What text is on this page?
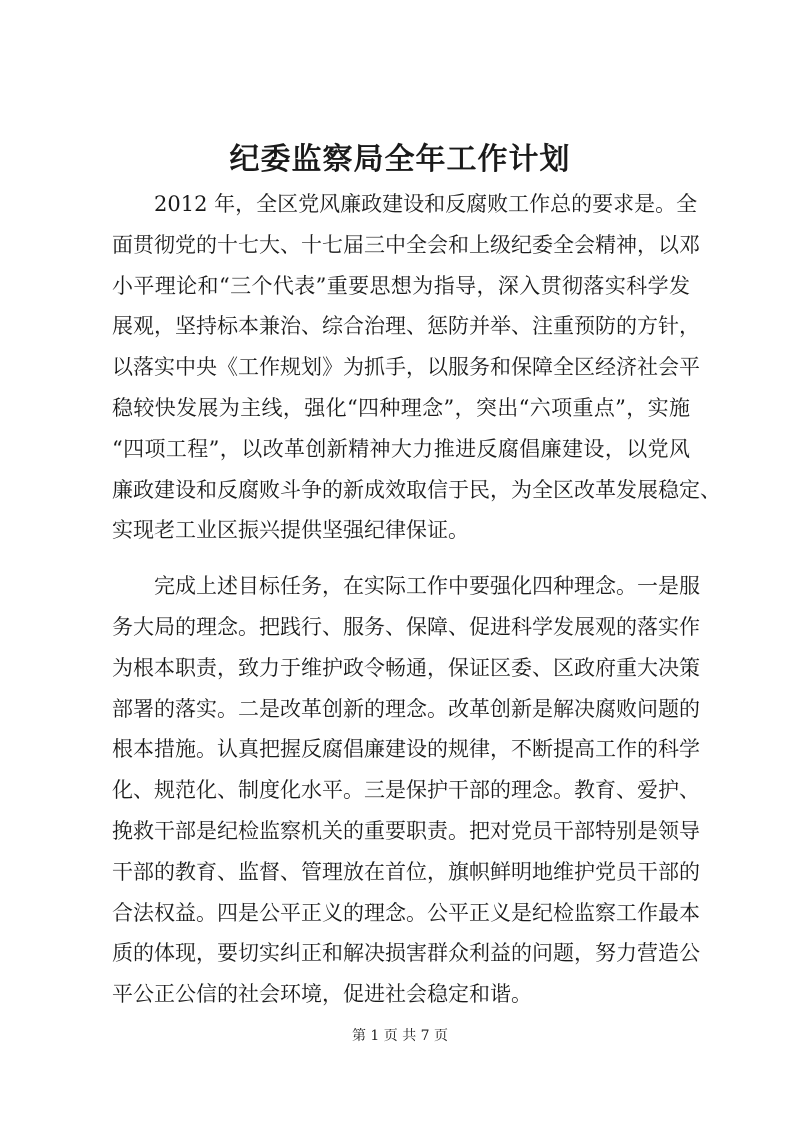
纪委监察局全年工作计划
2012 年，全区党风廉政建设和反腐败工作总的要求是。全
面贯彻党的十七大、十七届三中全会和上级纪委全会精神，以邓
小平理论和“三个代表”重要思想为指导，深入贯彻落实科学发
展观，坚持标本兼治、综合治理、惩防并举、注重预防的方针，
以落实中央《工作规划》为抓手，以服务和保障全区经济社会平
稳较快发展为主线，强化“四种理念”，突出“六项重点”，实施
“四项工程”，以改革创新精神大力推进反腐倡廉建设，以党风
廉政建设和反腐败斗争的新成效取信于民，为全区改革发展稳定、
实现老工业区振兴提供坚强纪律保证。
完成上述目标任务，在实际工作中要强化四种理念。一是服
务大局的理念。把践行、服务、保障、促进科学发展观的落实作
为根本职责，致力于维护政令畅通，保证区委、区政府重大决策
部署的落实。二是改革创新的理念。改革创新是解决腐败问题的
根本措施。认真把握反腐倡廉建设的规律，不断提高工作的科学
化、规范化、制度化水平。三是保护干部的理念。教育、爱护、
挽救干部是纪检监察机关的重要职责。把对党员干部特别是领导
干部的教育、监督、管理放在首位，旗帜鲜明地维护党员干部的
合法权益。四是公平正义的理念。公平正义是纪检监察工作最本
质的体现，要切实纠正和解决损害群众利益的问题，努力营造公
平公正公信的社会环境，促进社会稳定和谐。
第 1 页 共 7 页
